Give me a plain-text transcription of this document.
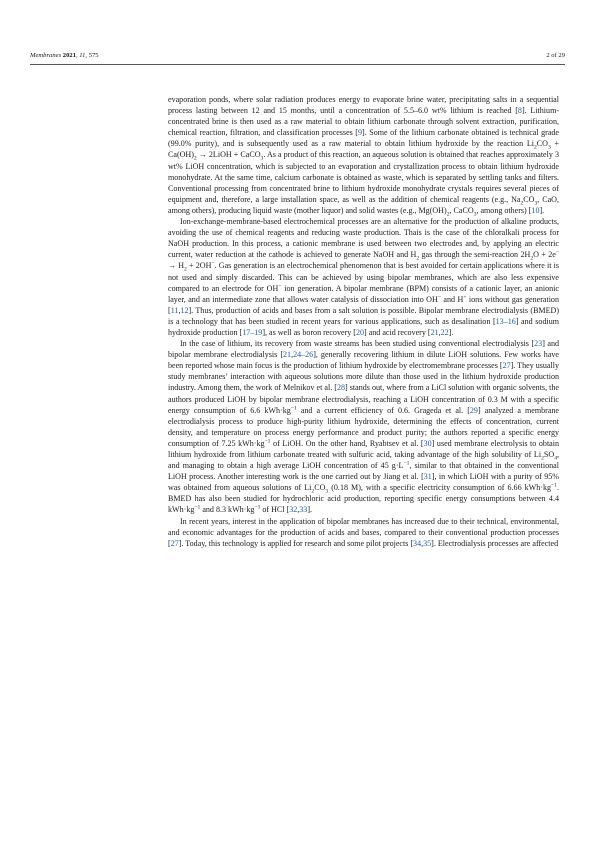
Membranes 2021, 11, 575	2 of 29

evaporation ponds, where solar radiation produces energy to evaporate brine water, precipitating salts in a sequential process lasting between 12 and 15 months, until a concentration of 5.5–6.0 wt% lithium is reached [8]. Lithium-concentrated brine is then used as a raw material to obtain lithium carbonate through solvent extraction, purification, chemical reaction, filtration, and classification processes [9]. Some of the lithium carbonate obtained is technical grade (99.0% purity), and is subsequently used as a raw material to obtain lithium hydroxide by the reaction $Li_2CO_3 + Ca(OH)_2$ → 2LiOH + CaCO$_3$. As a product of this reaction, an aqueous solution is obtained that reaches approximately 3 wt% LiOH concentration, which is subjected to an evaporation and crystallization process to obtain lithium hydroxide monohydrate. At the same time, calcium carbonate is obtained as waste, which is separated by settling tanks and filters. Conventional processing from concentrated brine to lithium hydroxide monohydrate crystals requires several pieces of equipment and, therefore, a large installation space, as well as the addition of chemical reagents (e.g., $Na_2CO_3$, CaO, among others), producing liquid waste (mother liquor) and solid wastes (e.g., $Mg(OH)_2$, CaCO$_3$, among others) [10].

Ion-exchange-membrane-based electrochemical processes are an alternative for the production of alkaline products, avoiding the use of chemical reagents and reducing waste production. Thais is the case of the chloralkali process for NaOH production. In this process, a cationic membrane is used between two electrodes and, by applying an electric current, water reduction at the cathode is achieved to generate NaOH and $H_2$ gas through the semi-reaction $2H_2O + 2e^- \to H_2 + 2OH^-$. Gas generation is an electrochemical phenomenon that is best avoided for certain applications where it is not used and simply discarded. This can be achieved by using bipolar membranes, which are also less expensive compared to an electrode for OH− ion generation. A bipolar membrane (BPM) consists of a cationic layer, an anionic layer, and an intermediate zone that allows water catalysis of dissociation into OH− and H+ ions without gas generation [11,12]. Thus, production of acids and bases from a salt solution is possible. Bipolar membrane electrodialysis (BMED) is a technology that has been studied in recent years for various applications, such as desalination [13–16] and sodium hydroxide production [17–19], as well as boron recovery [20] and acid recovery [21,22].

In the case of lithium, its recovery from waste streams has been studied using conventional electrodialysis [23] and bipolar membrane electrodialysis [21,24–26], generally recovering lithium in dilute LiOH solutions. Few works have been reported whose main focus is the production of lithium hydroxide by electromembrane processes [27]. They usually study membranes’ interaction with aqueous solutions more dilute than those used in the lithium hydroxide production industry. Among them, the work of Melnikov et al. [28] stands out, where from a LiCl solution with organic solvents, the authors produced LiOH by bipolar membrane electrodialysis, reaching a LiOH concentration of 0.3 M with a specific energy consumption of 6.6 $kWh\cdot kg^{-1}$ and a current efficiency of 0.6. Grageda et al. [29] analyzed a membrane electrodialysis process to produce high-purity lithium hydroxide, determining the effects of concentration, current density, and temperature on process energy performance and product purity; the authors reported a specific energy consumption of 7.25 $kWh\cdot kg^{-1}$ of LiOH. On the other hand, Ryabtsev et al. [30] used membrane electrolysis to obtain lithium hydroxide from lithium carbonate treated with sulfuric acid, taking advantage of the high solubility of $Li_2SO_4$, and managing to obtain a high average LiOH concentration of 45 $g\cdot L^{-1}$, similar to that obtained in the conventional LiOH process. Another interesting work is the one carried out by Jiang et al. [31], in which LiOH with a purity of 95% was obtained from aqueous solutions of $Li_2CO_3$ (0.18 M), with a specific electricity consumption of 6.66 $kWh\cdot kg^{-1}$. BMED has also been studied for hydrochloric acid production, reporting specific energy consumptions between 4.4 $kWh\cdot kg^{-1}$ and 8.3 $kWh\cdot kg^{-1}$ of HCl [32,33].

In recent years, interest in the application of bipolar membranes has increased due to their technical, environmental, and economic advantages for the production of acids and bases, compared to their conventional production processes [27]. Today, this technology is applied for research and some pilot projects [34,35]. Electrodialysis processes are affected
